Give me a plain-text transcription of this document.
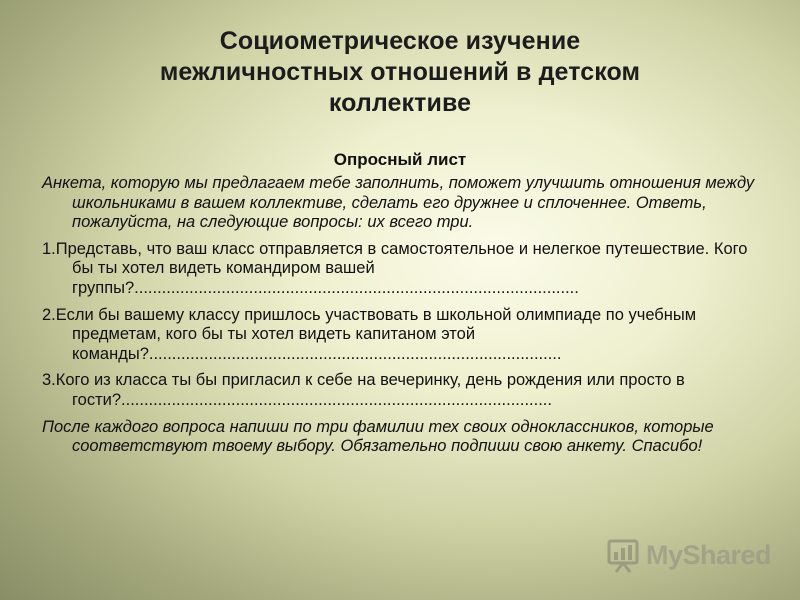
Социометрическое изучение
межличностных отношений в детском
коллективе
Опросный лист

Анкета, которую мы предлагаем тебе заполнить, поможет улучшить отношения между школьниками в вашем коллективе, сделать его дружнее и сплоченнее. Ответь, пожалуйста, на следующие вопросы: их всего три.

1.Представь, что ваш класс отправляется в самостоятельное и нелегкое путешествие. Кого бы ты хотел видеть командиром вашей группы?.................................................................................................

2.Если бы вашему классу пришлось участвовать в школьной олимпиаде по учебным предметам, кого бы ты хотел видеть капитаном этой команды?..........................................................................................

3.Кого из класса ты бы пригласил к себе на вечеринку, день рождения или просто в гости?..............................................................................................

После каждого вопроса напиши по три фамилии тех своих одноклассников, которые соответствуют твоему выбору. Обязательно подпиши свою анкету. Спасибо!

MyShared
